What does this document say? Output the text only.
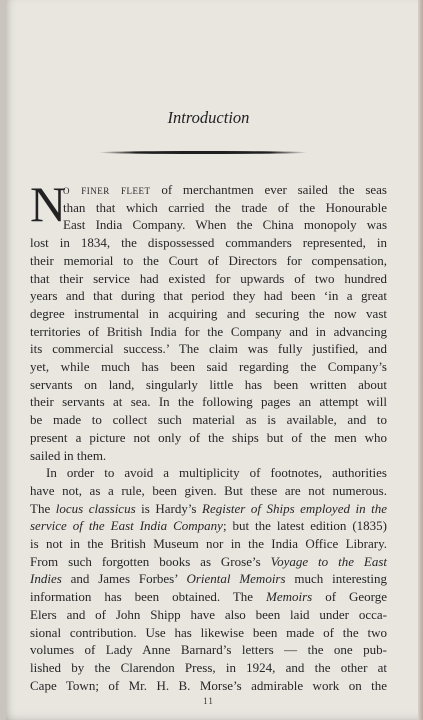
Introduction

N
o finer fleet of merchantmen ever sailed the seas
than that which carried the trade of the Honourable
East India Company. When the China monopoly was
lost in 1834, the dispossessed commanders represented, in
their memorial to the Court of Directors for compensation,
that their service had existed for upwards of two hundred
years and that during that period they had been ‘in a great
degree instrumental in acquiring and securing the now vast
territories of British India for the Company and in advancing
its commercial success.’ The claim was fully justified, and
yet, while much has been said regarding the Company’s
servants on land, singularly little has been written about
their servants at sea. In the following pages an attempt will
be made to collect such material as is available, and to
present a picture not only of the ships but of the men who
sailed in them.

In order to avoid a multiplicity of footnotes, authorities
have not, as a rule, been given. But these are not numerous.
The locus classicus is Hardy’s Register of Ships employed in the
service of the East India Company; but the latest edition (1835)
is not in the British Museum nor in the India Office Library.
From such forgotten books as Grose’s Voyage to the East
Indies and James Forbes’ Oriental Memoirs much interesting
information has been obtained. The Memoirs of George
Elers and of John Shipp have also been laid under occa-
sional contribution. Use has likewise been made of the two
volumes of Lady Anne Barnard’s letters — the one pub-
lished by the Clarendon Press, in 1924, and the other at
Cape Town; of Mr. H. B. Morse’s admirable work on the

11
